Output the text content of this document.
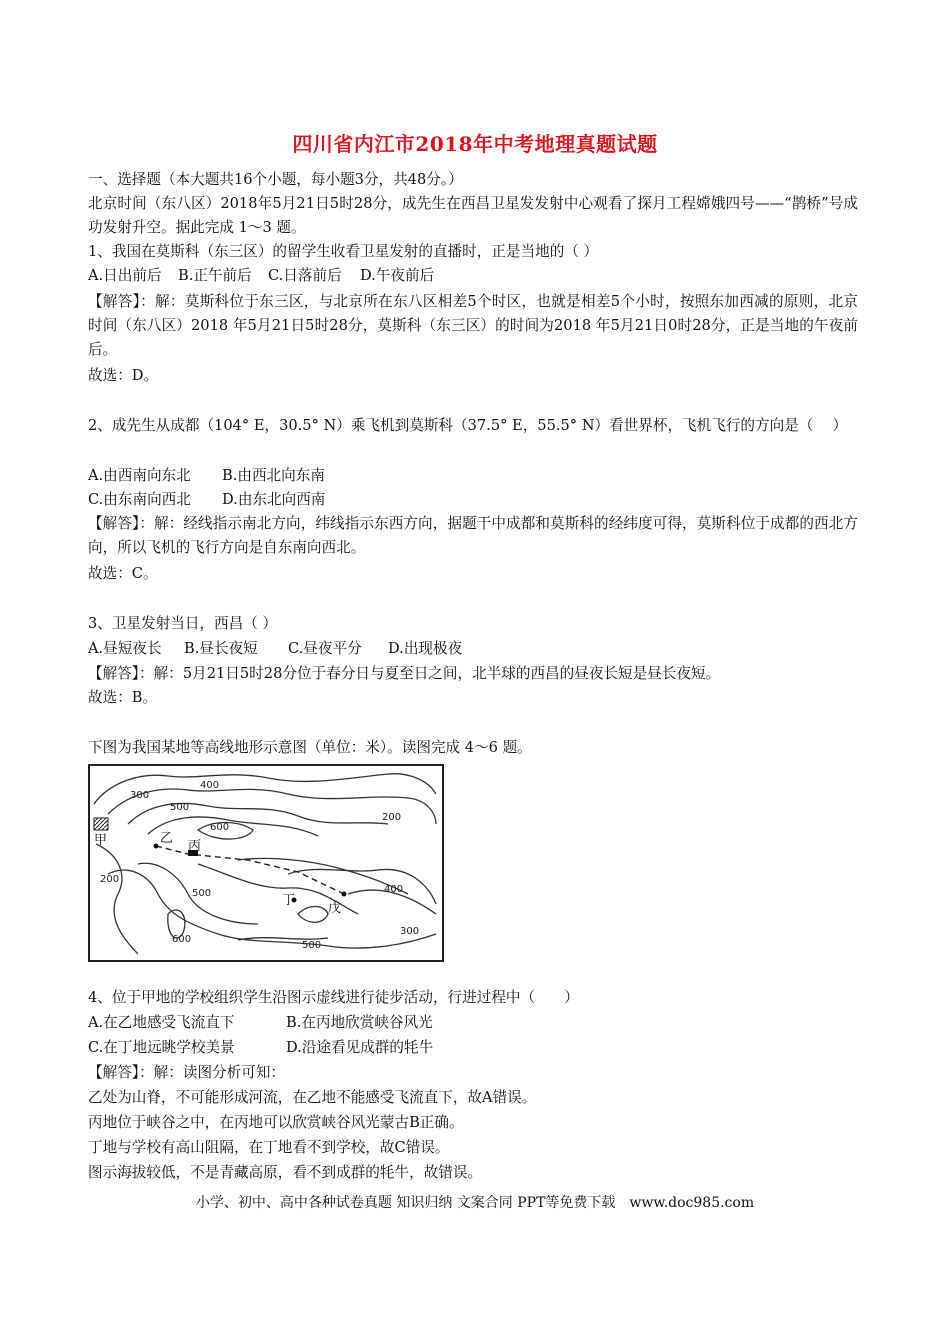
四川省内江市2018年中考地理真题试题
一、选择题（本大题共16个小题，每小题3分，共48分。）
北京时间（东八区）2018年5月21日5时28分，成先生在西昌卫星发发射中心观看了探月工程嫦娥四号——“鹊桥”号成功发射升空。据此完成 1～3 题。
1、我国在莫斯科（东三区）的留学生收看卫星发射的直播时，正是当地的（ ）
A.日出前后 B.正午前后 C.日落前后 D.午夜前后
【解答】：解：莫斯科位于东三区，与北京所在东八区相差5个时区，也就是相差5个小时，按照东加西减的原则，北京时间（东八区）2018 年5月21日5时28分，莫斯科（东三区）的时间为2018 年5月21日0时28分，正是当地的午夜前后。
故选：D。
2、成先生从成都（104° E，30.5° N）乘飞机到莫斯科（37.5° E，55.5° N）看世界杯，飞机飞行的方向是（　 ）
A.由西南向东北 B.由西北向东南
C.由东南向西北 D.由东北向西南
【解答】：解：经线指示南北方向，纬线指示东西方向，据题干中成都和莫斯科的经纬度可得，莫斯科位于成都的西北方向，所以飞机的飞行方向是自东南向西北。
故选：C。
3、卫星发射当日，西昌（ ）
A.昼短夜长 B.昼长夜短 C.昼夜平分 D.出现极夜
【解答】：解：5月21日5时28分位于春分日与夏至日之间，北半球的西昌的昼夜长短是昼长夜短。
故选：B。
下图为我国某地等高线地形示意图（单位：米）。读图完成 4～6 题。
300
400
500
600
200
200
500
600
400
300
500
甲	乙
丙
丁
戊
4、位于甲地的学校组织学生沿图示虚线进行徒步活动，行进过程中（　　）
A.在乙地感受飞流直下	B.在丙地欣赏峡谷风光
C.在丁地远眺学校美景	D.沿途看见成群的牦牛
【解答】：解：读图分析可知：
乙处为山脊，不可能形成河流，在乙地不能感受飞流直下，故A错误。
丙地位于峡谷之中，在丙地可以欣赏峡谷风光蒙古B正确。
丁地与学校有高山阻隔，在丁地看不到学校，故C错误。
图示海拔较低，不是青藏高原，看不到成群的牦牛，故错误。
小学、初中、高中各种试卷真题 知识归纳 文案合同 PPT等免费下载　www.doc985.com
